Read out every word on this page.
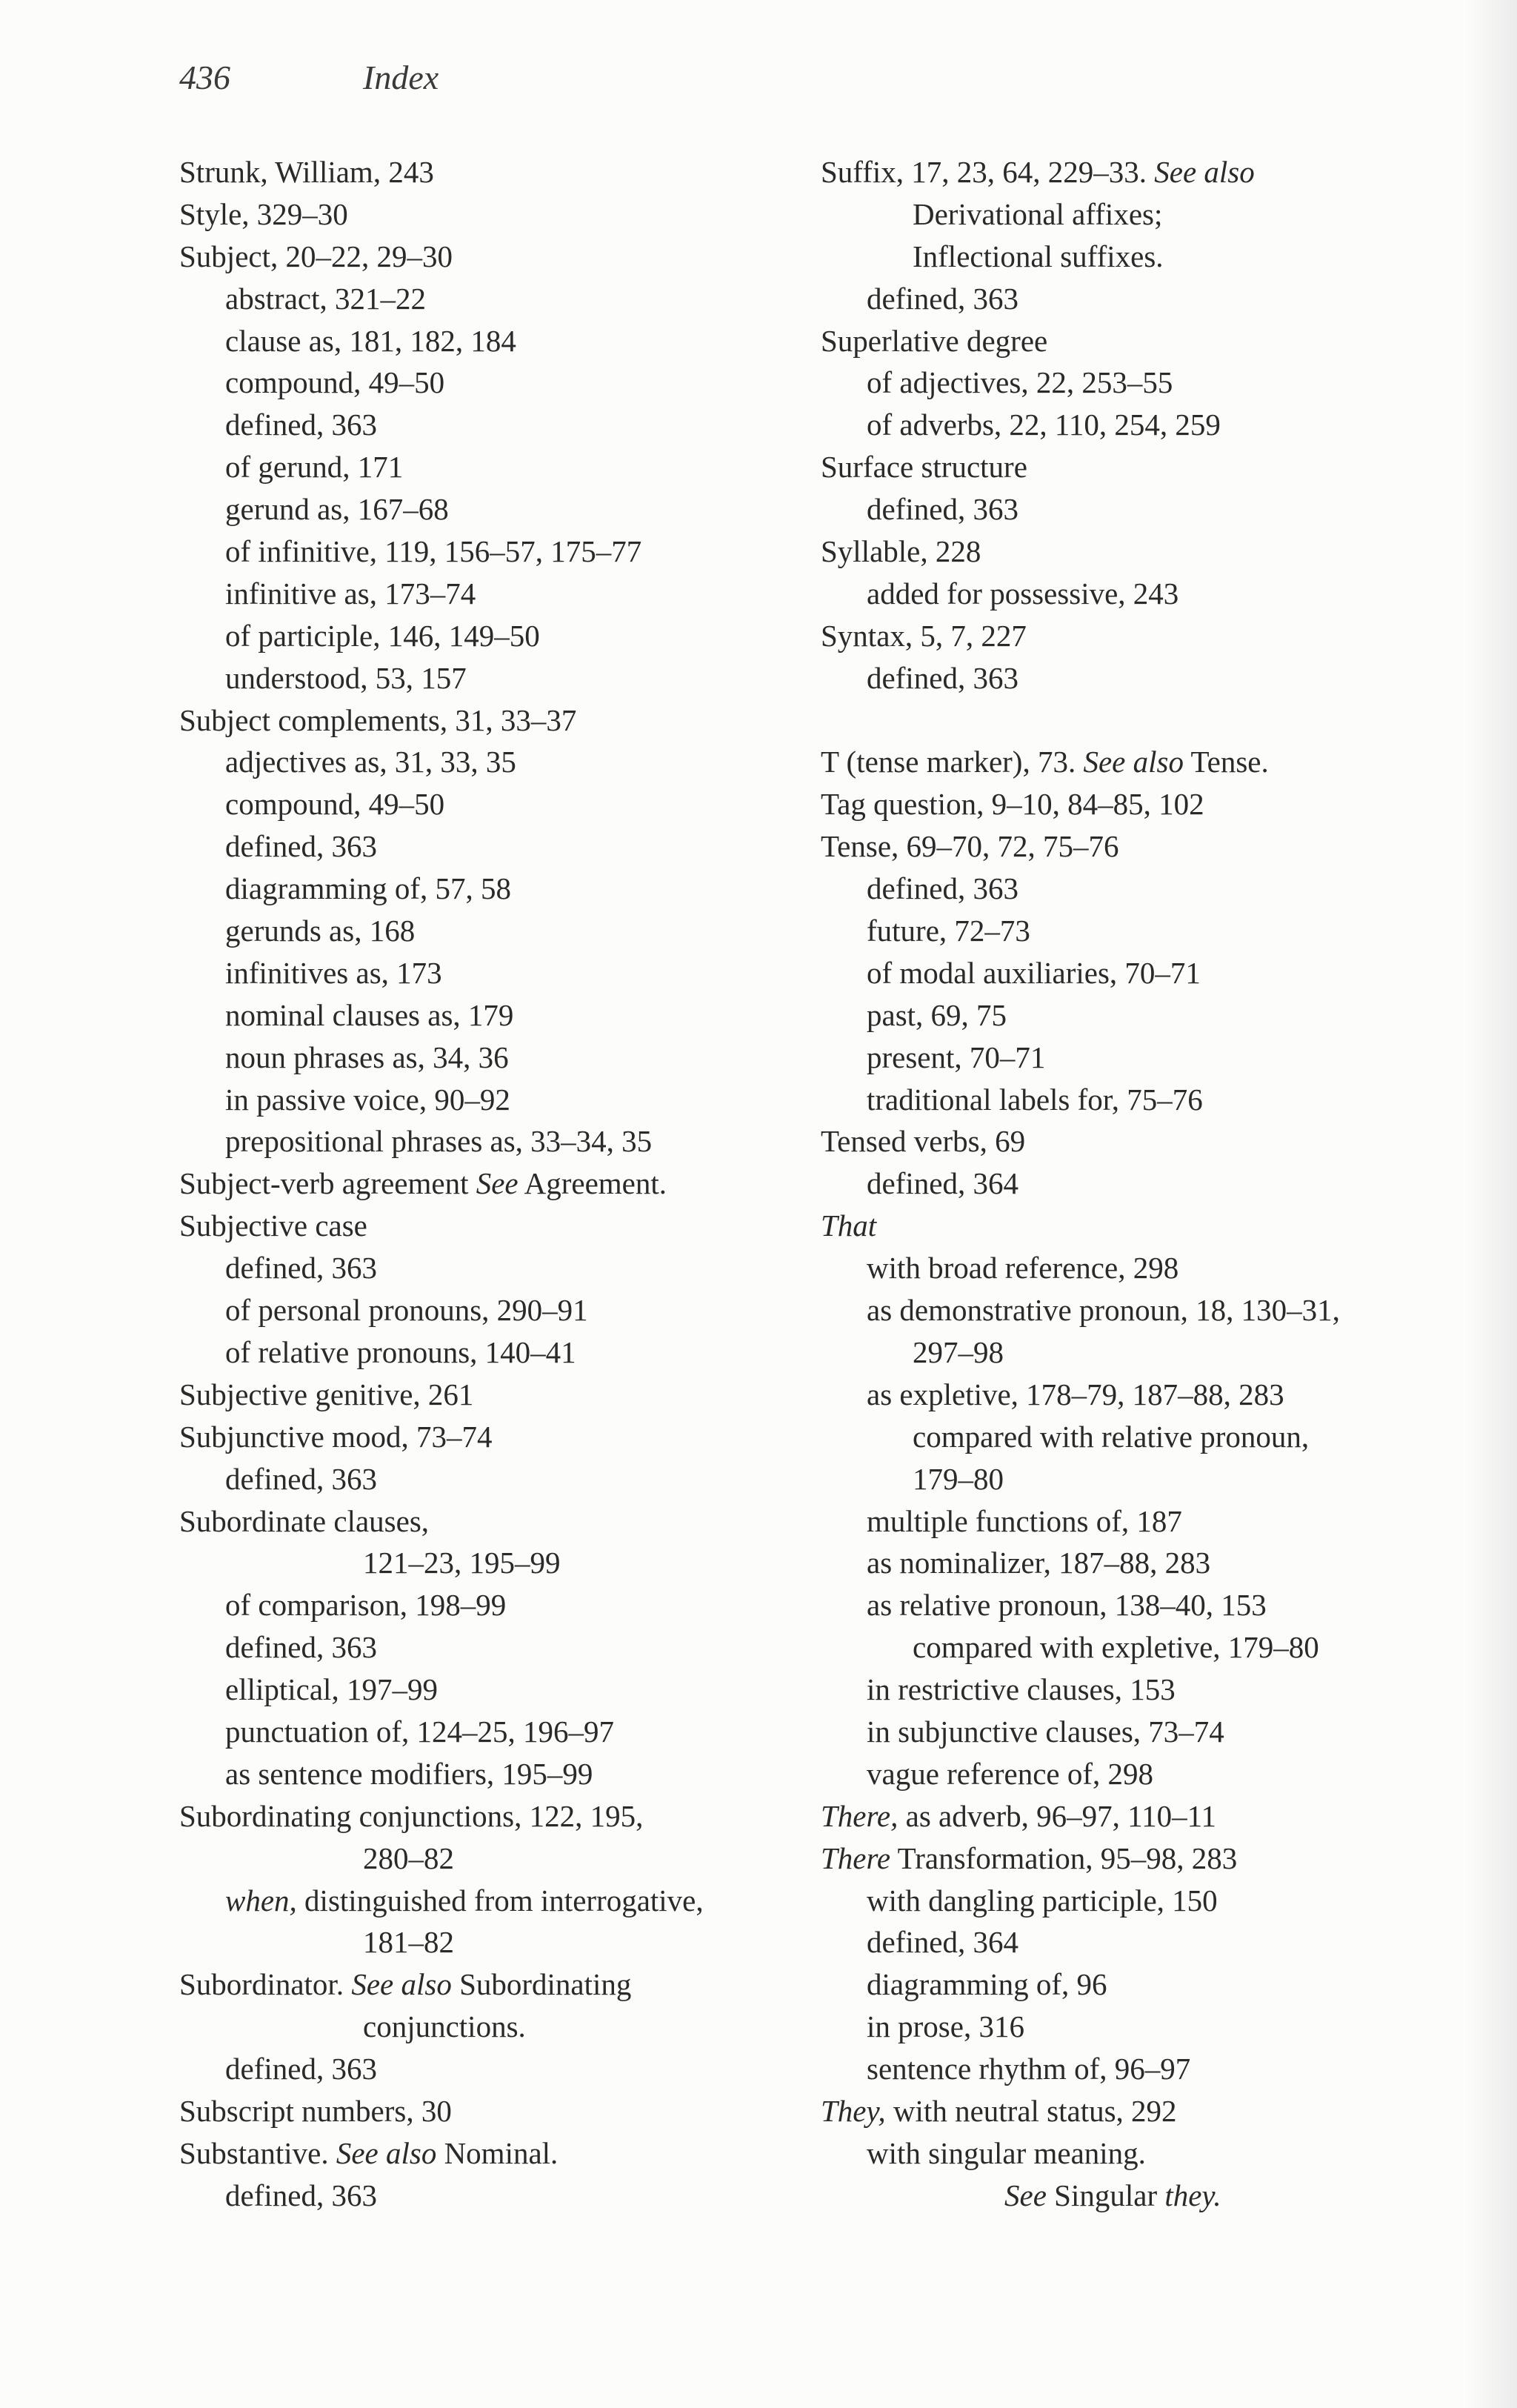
436	Index
Strunk, William, 243
Style, 329–30
Subject, 20–22, 29–30
abstract, 321–22
clause as, 181, 182, 184
compound, 49–50
defined, 363
of gerund, 171
gerund as, 167–68
of infinitive, 119, 156–57, 175–77
infinitive as, 173–74
of participle, 146, 149–50
understood, 53, 157
Subject complements, 31, 33–37
adjectives as, 31, 33, 35
compound, 49–50
defined, 363
diagramming of, 57, 58
gerunds as, 168
infinitives as, 173
nominal clauses as, 179
noun phrases as, 34, 36
in passive voice, 90–92
prepositional phrases as, 33–34, 35
Subject-verb agreement See Agreement.
Subjective case
defined, 363
of personal pronouns, 290–91
of relative pronouns, 140–41
Subjective genitive, 261
Subjunctive mood, 73–74
defined, 363
Subordinate clauses,
121–23, 195–99
of comparison, 198–99
defined, 363
elliptical, 197–99
punctuation of, 124–25, 196–97
as sentence modifiers, 195–99
Subordinating conjunctions, 122, 195,
280–82
when, distinguished from interrogative,
181–82
Subordinator. See also Subordinating
conjunctions.
defined, 363
Subscript numbers, 30
Substantive. See also Nominal.
defined, 363
Suffix, 17, 23, 64, 229–33. See also
Derivational affixes;
Inflectional suffixes.
defined, 363
Superlative degree
of adjectives, 22, 253–55
of adverbs, 22, 110, 254, 259
Surface structure
defined, 363
Syllable, 228
added for possessive, 243
Syntax, 5, 7, 227
defined, 363
T (tense marker), 73. See also Tense.
Tag question, 9–10, 84–85, 102
Tense, 69–70, 72, 75–76
defined, 363
future, 72–73
of modal auxiliaries, 70–71
past, 69, 75
present, 70–71
traditional labels for, 75–76
Tensed verbs, 69
defined, 364
That
with broad reference, 298
as demonstrative pronoun, 18, 130–31,
297–98
as expletive, 178–79, 187–88, 283
compared with relative pronoun,
179–80
multiple functions of, 187
as nominalizer, 187–88, 283
as relative pronoun, 138–40, 153
compared with expletive, 179–80
in restrictive clauses, 153
in subjunctive clauses, 73–74
vague reference of, 298
There, as adverb, 96–97, 110–11
There Transformation, 95–98, 283
with dangling participle, 150
defined, 364
diagramming of, 96
in prose, 316
sentence rhythm of, 96–97
They, with neutral status, 292
with singular meaning.
See Singular they.
